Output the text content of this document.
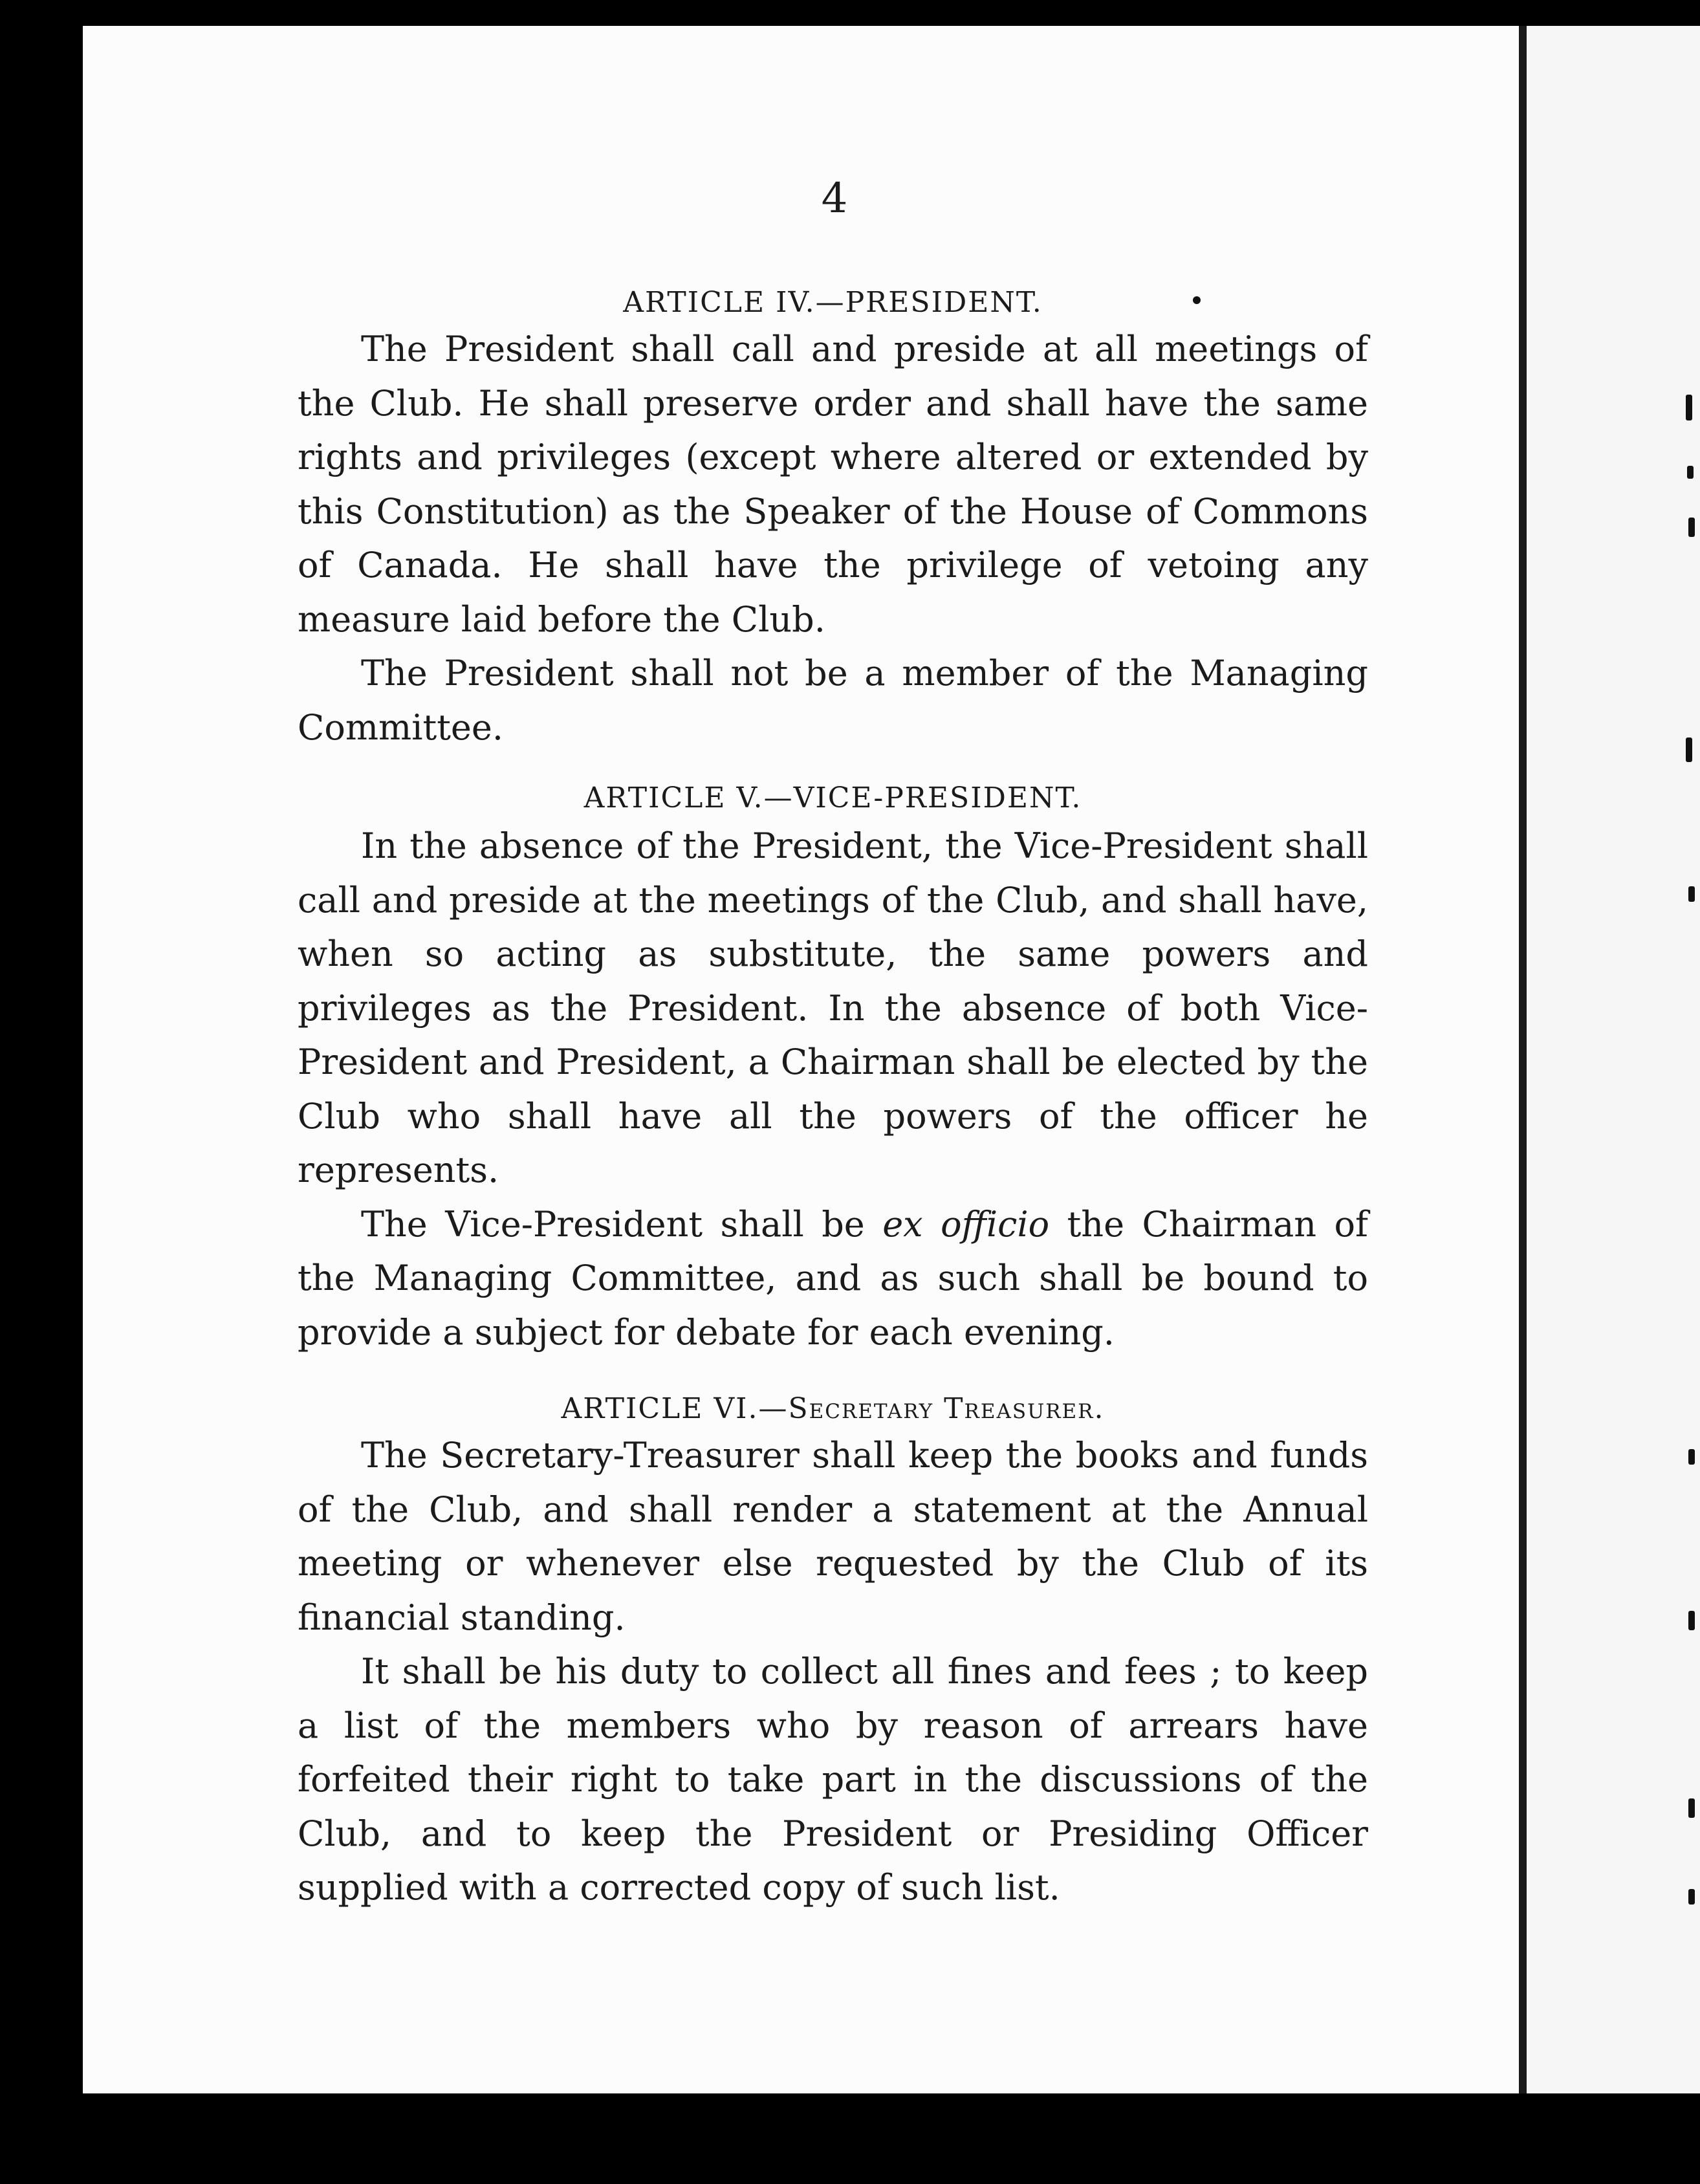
4
ARTICLE IV.—PRESIDENT.

The President shall call and preside at all meetings of the Club. He shall preserve order and shall have the same rights and privileges (except where altered or extended by this Constitution) as the Speaker of the House of Commons of Canada. He shall have the privilege of vetoing any measure laid before the Club.

The President shall not be a member of the Managing Committee.

ARTICLE V.—VICE-PRESIDENT.

In the absence of the President, the Vice-President shall call and preside at the meetings of the Club, and shall have, when so acting as substitute, the same powers and privileges as the President. In the absence of both Vice-President and President, a Chairman shall be elected by the Club who shall have all the powers of the officer he represents.

The Vice-President shall be ex officio the Chairman of the Managing Committee, and as such shall be bound to provide a subject for debate for each evening.

ARTICLE VI.—Secretary Treasurer.

The Secretary-Treasurer shall keep the books and funds of the Club, and shall render a statement at the Annual meeting or whenever else requested by the Club of its financial standing.

It shall be his duty to collect all fines and fees ; to keep a list of the members who by reason of arrears have forfeited their right to take part in the discussions of the Club, and to keep the President or Presiding Officer supplied with a corrected copy of such list.
